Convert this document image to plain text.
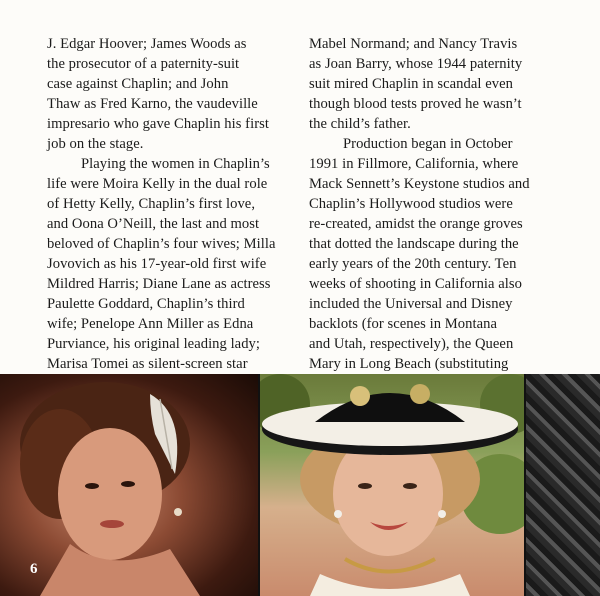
J. Edgar Hoover; James Woods as
the prosecutor of a paternity-suit
case against Chaplin; and John
Thaw as Fred Karno, the vaudeville
impresario who gave Chaplin his first
job on the stage.
Playing the women in Chaplin’s
life were Moira Kelly in the dual role
of Hetty Kelly, Chaplin’s first love,
and Oona O’Neill, the last and most
beloved of Chaplin’s four wives; Milla
Jovovich as his 17-year-old first wife
Mildred Harris; Diane Lane as actress
Paulette Goddard, Chaplin’s third
wife; Penelope Ann Miller as Edna
Purviance, his original leading lady;
Marisa Tomei as silent-screen star
Mabel Normand; and Nancy Travis
as Joan Barry, whose 1944 paternity
suit mired Chaplin in scandal even
though blood tests proved he wasn’t
the child’s father.
Production began in October
1991 in Fillmore, California, where
Mack Sennett’s Keystone studios and
Chaplin’s Hollywood studios were
re-created, amidst the orange groves
that dotted the landscape during the
early years of the 20th century. Ten
weeks of shooting in California also
included the Universal and Disney
backlots (for scenes in Montana
and Utah, respectively), the Queen
Mary in Long Beach (substituting
6
